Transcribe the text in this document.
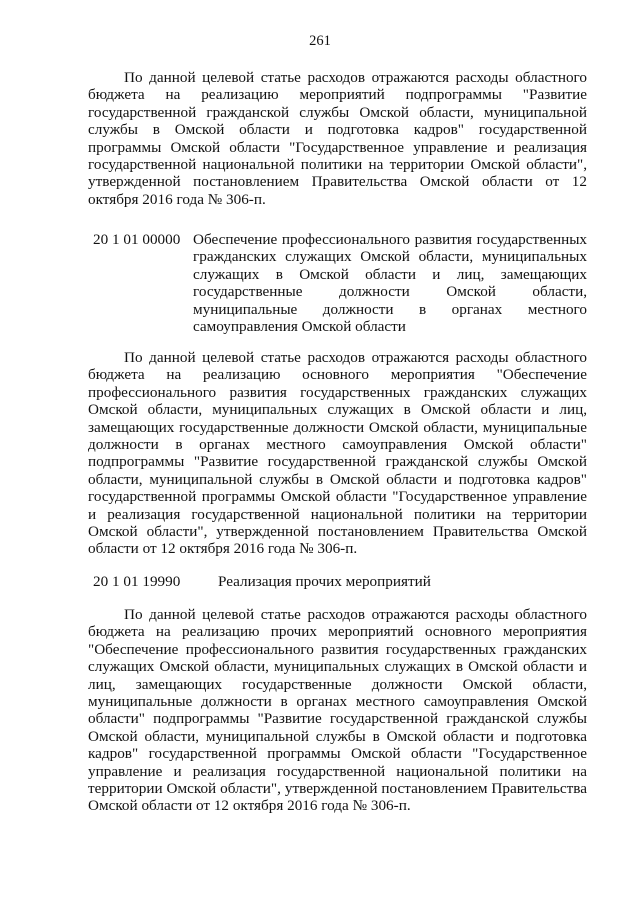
261

По данной целевой статье расходов отражаются расходы областного бюджета на реализацию мероприятий подпрограммы "Развитие государственной гражданской службы Омской области, муниципальной службы в Омской области и подготовка кадров" государственной программы Омской области "Государственное управление и реализация государственной национальной политики на территории Омской области", утвержденной постановлением Правительства Омской области от 12 октября 2016 года № 306-п.

20 1 01 00000 Обеспечение профессионального развития государственных гражданских служащих Омской области, муниципальных служащих в Омской области и лиц, замещающих государственные должности Омской области, муниципальные должности в органах местного самоуправления Омской области

По данной целевой статье расходов отражаются расходы областного бюджета на реализацию основного мероприятия "Обеспечение профессионального развития государственных гражданских служащих Омской области, муниципальных служащих в Омской области и лиц, замещающих государственные должности Омской области, муниципальные должности в органах местного самоуправления Омской области" подпрограммы "Развитие государственной гражданской службы Омской области, муниципальной службы в Омской области и подготовка кадров" государственной программы Омской области "Государственное управление и реализация государственной национальной политики на территории Омской области", утвержденной постановлением Правительства Омской области от 12 октября 2016 года № 306-п.

20 1 01 19990 Реализация прочих мероприятий

По данной целевой статье расходов отражаются расходы областного бюджета на реализацию прочих мероприятий основного мероприятия "Обеспечение профессионального развития государственных гражданских служащих Омской области, муниципальных служащих в Омской области и лиц, замещающих государственные должности Омской области, муниципальные должности в органах местного самоуправления Омской области" подпрограммы "Развитие государственной гражданской службы Омской области, муниципальной службы в Омской области и подготовка кадров" государственной программы Омской области "Государственное управление и реализация государственной национальной политики на территории Омской области", утвержденной постановлением Правительства Омской области от 12 октября 2016 года № 306-п.
